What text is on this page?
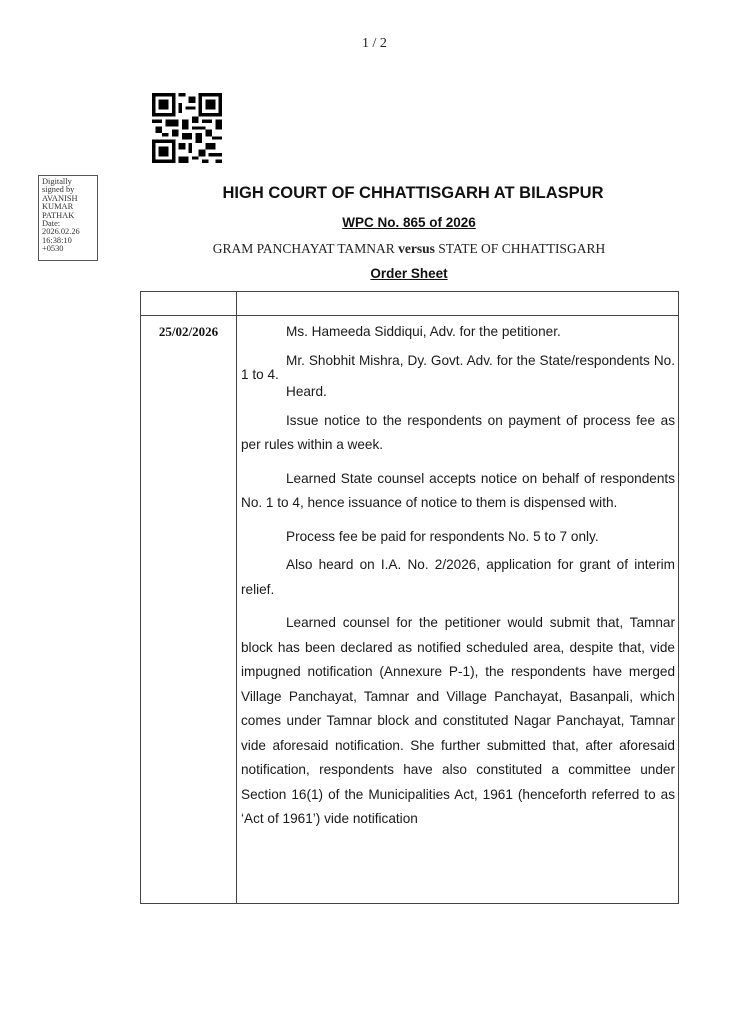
1 / 2
Digitally
signed by
AVANISH
KUMAR
PATHAK
Date:
2026.02.26
16:38:10
+0530
HIGH COURT OF CHHATTISGARH AT BILASPUR
WPC No. 865 of 2026
GRAM PANCHAYAT TAMNAR versus STATE OF CHHATTISGARH
Order Sheet
25/02/2026	Ms. Hameeda Siddiqui, Adv. for the petitioner.

Mr. Shobhit Mishra, Dy. Govt. Adv. for the State/respondents No. 1 to 4.

Heard.

Issue notice to the respondents on payment of process fee as per rules within a week.

Learned State counsel accepts notice on behalf of respondents No. 1 to 4, hence issuance of notice to them is dispensed with.

Process fee be paid for respondents No. 5 to 7 only.

Also heard on I.A. No. 2/2026, application for grant of interim relief.

Learned counsel for the petitioner would submit that, Tamnar block has been declared as notified scheduled area, despite that, vide impugned notification (Annexure P-1), the respondents have merged Village Panchayat, Tamnar and Village Panchayat, Basanpali, which comes under Tamnar block and constituted Nagar Panchayat, Tamnar vide aforesaid notification. She further submitted that, after aforesaid notification, respondents have also constituted a committee under Section 16(1) of the Municipalities Act, 1961 (henceforth referred to as ‘Act of 1961’) vide notification
